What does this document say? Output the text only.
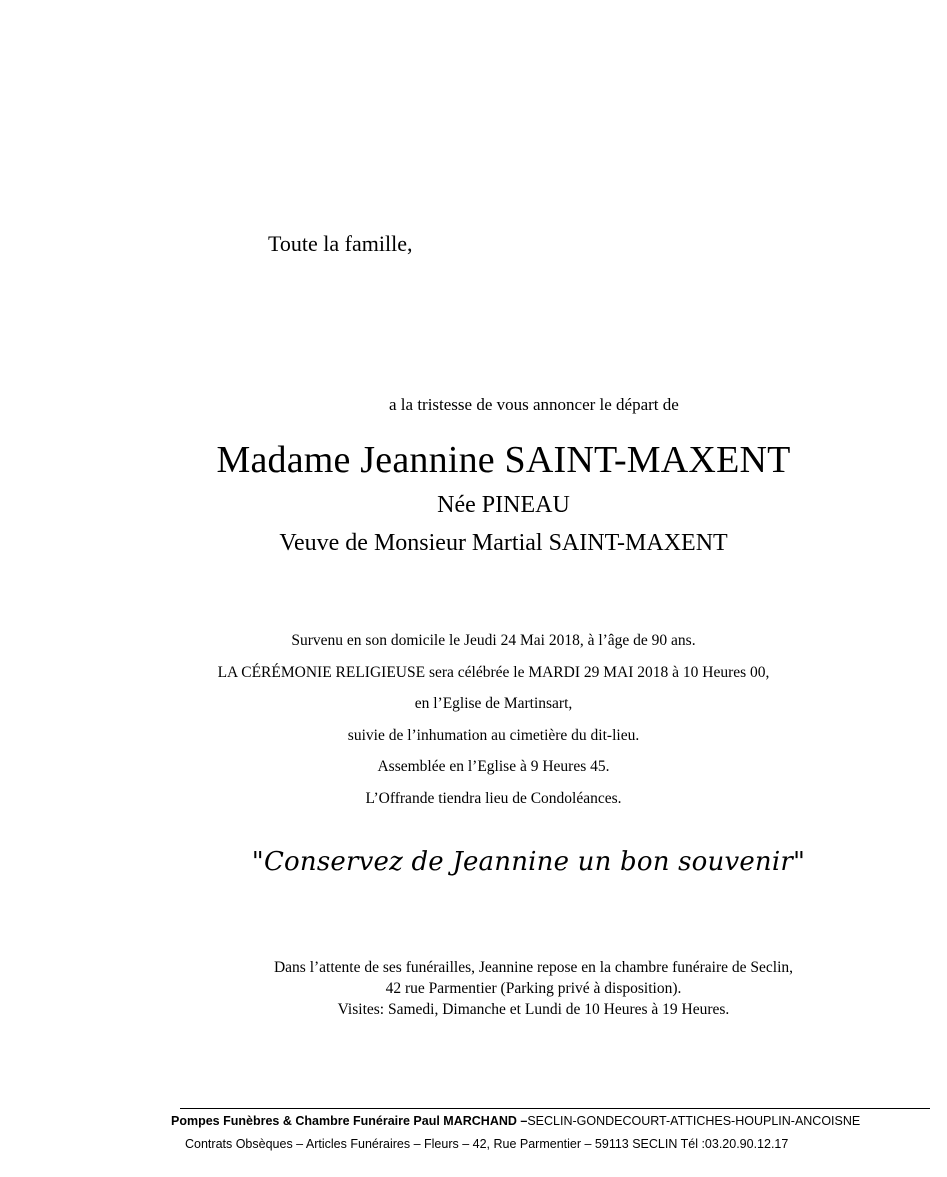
Toute la famille,
a la tristesse de vous annoncer le départ de
Madame Jeannine SAINT-MAXENT
Née PINEAU
Veuve de Monsieur Martial SAINT-MAXENT
Survenu en son domicile le Jeudi 24 Mai 2018, à l’âge de 90 ans.
LA CÉRÉMONIE RELIGIEUSE sera célébrée le MARDI 29 MAI 2018 à 10 Heures 00,
en l’Eglise de Martinsart,
suivie de l’inhumation au cimetière du dit-lieu.
Assemblée en l’Eglise à 9 Heures 45.
L’Offrande tiendra lieu de Condoléances.
"Conservez de Jeannine un bon souvenir"
Dans l’attente de ses funérailles, Jeannine repose en la chambre funéraire de Seclin,
42 rue Parmentier (Parking privé à disposition).
Visites: Samedi, Dimanche et Lundi de 10 Heures à 19 Heures.
Pompes Funèbres & Chambre Funéraire Paul MARCHAND –SECLIN-GONDECOURT-ATTICHES-HOUPLIN-ANCOISNE
Contrats Obsèques – Articles Funéraires – Fleurs – 42, Rue Parmentier – 59113 SECLIN Tél :03.20.90.12.17
